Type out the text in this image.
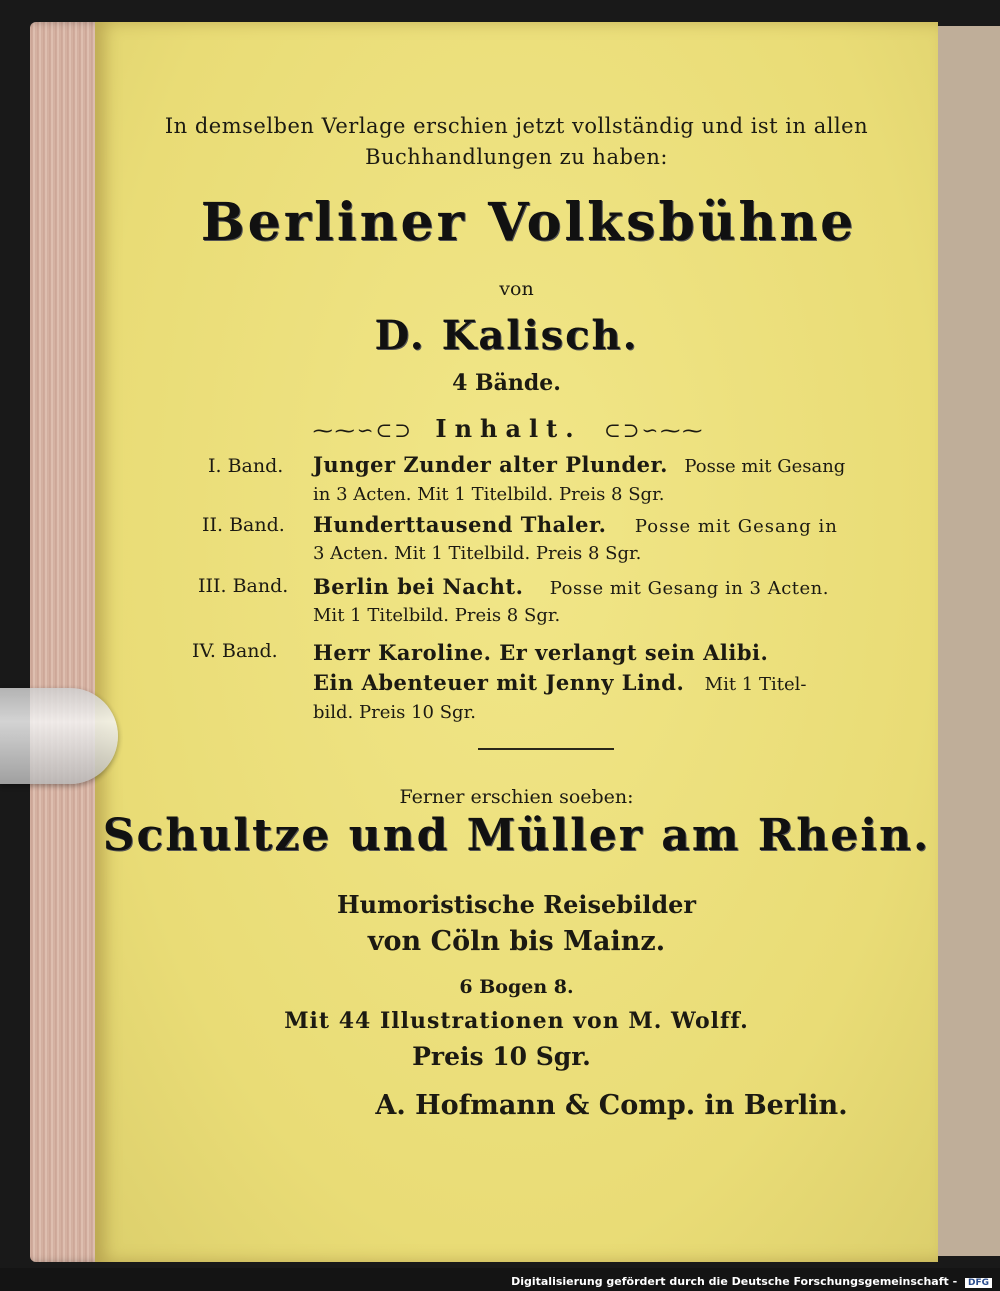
In demselben Verlage erschien jetzt vollständig und ist in allen
Buchhandlungen zu haben:
Berliner Volksbühne
von
D. Kalisch.
4 Bände.
⁓⁓∽⊂⊃ Inhalt. ⊂⊃∽⁓⁓
I. Band. Junger Zunder alter Plunder. Posse mit Gesang
in 3 Acten. Mit 1 Titelbild. Preis 8 Sgr.
II. Band. Hunderttausend Thaler. Posse mit Gesang in
3 Acten. Mit 1 Titelbild. Preis 8 Sgr.
III. Band. Berlin bei Nacht. Posse mit Gesang in 3 Acten.
Mit 1 Titelbild. Preis 8 Sgr.
IV. Band. Herr Karoline. Er verlangt sein Alibi.
Ein Abenteuer mit Jenny Lind. Mit 1 Titel-
bild. Preis 10 Sgr.
Ferner erschien soeben:
Schultze und Müller am Rhein.
Humoristische Reisebilder
von Cöln bis Mainz.
6 Bogen 8.
Mit 44 Illustrationen von M. Wolff.
Preis 10 Sgr.
A. Hofmann & Comp. in Berlin.
Digitalisierung gefördert durch die Deutsche Forschungsgemeinschaft - DFG
